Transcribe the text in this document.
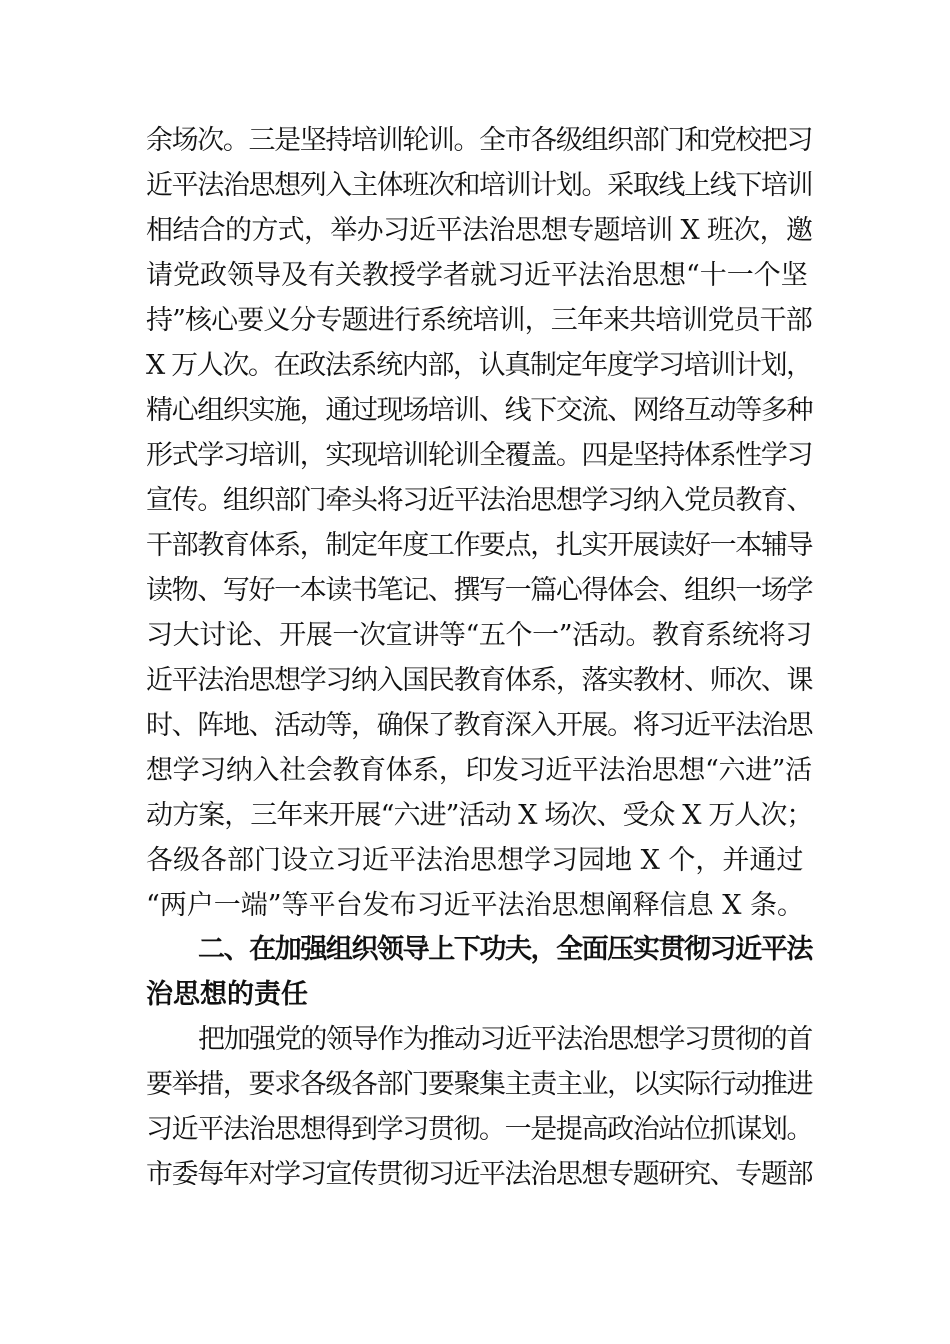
余场次。三是坚持培训轮训。全市各级组织部门和党校把习
近平法治思想列入主体班次和培训计划。采取线上线下培训
相结合的方式，举办习近平法治思想专题培训 X 班次，邀
请党政领导及有关教授学者就习近平法治思想“十一个坚
持”核心要义分专题进行系统培训，三年来共培训党员干部
X 万人次。在政法系统内部，认真制定年度学习培训计划，
精心组织实施，通过现场培训、线下交流、网络互动等多种
形式学习培训，实现培训轮训全覆盖。四是坚持体系性学习
宣传。组织部门牵头将习近平法治思想学习纳入党员教育、
干部教育体系，制定年度工作要点，扎实开展读好一本辅导
读物、写好一本读书笔记、撰写一篇心得体会、组织一场学
习大讨论、开展一次宣讲等“五个一”活动。教育系统将习
近平法治思想学习纳入国民教育体系，落实教材、师次、课
时、阵地、活动等，确保了教育深入开展。将习近平法治思
想学习纳入社会教育体系，印发习近平法治思想“六进”活
动方案，三年来开展“六进”活动 X 场次、受众 X 万人次；
各级各部门设立习近平法治思想学习园地 X 个，并通过
“两户一端”等平台发布习近平法治思想阐释信息 X 条。
二、在加强组织领导上下功夫，全面压实贯彻习近平法
治思想的责任
把加强党的领导作为推动习近平法治思想学习贯彻的首
要举措，要求各级各部门要聚集主责主业，以实际行动推进
习近平法治思想得到学习贯彻。一是提高政治站位抓谋划。
市委每年对学习宣传贯彻习近平法治思想专题研究、专题部
